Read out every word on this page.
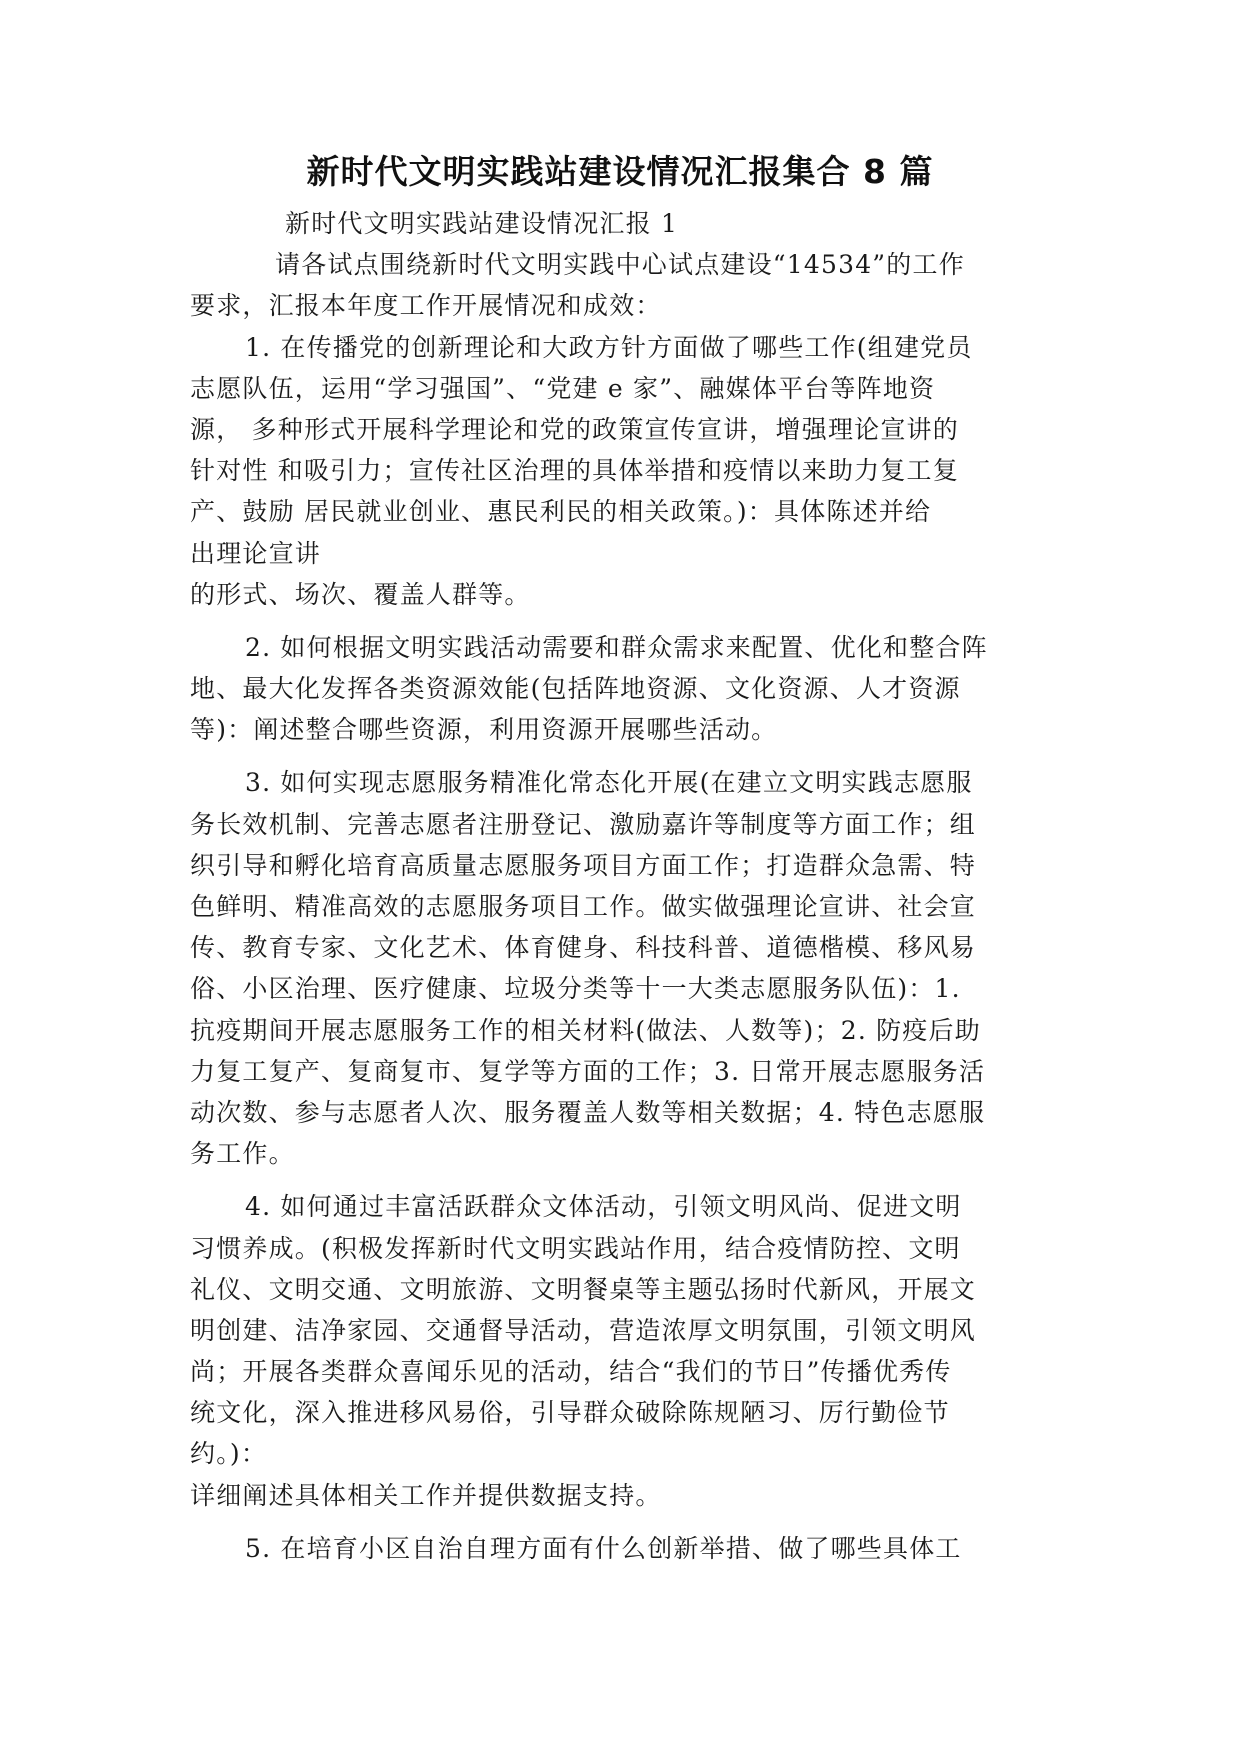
新时代文明实践站建设情况汇报集合 8 篇
新时代文明实践站建设情况汇报 1
请各试点围绕新时代文明实践中心试点建设“14534”的工作
要求，汇报本年度工作开展情况和成效：
1. 在传播党的创新理论和大政方针方面做了哪些工作(组建党员
志愿队伍，运用“学习强国”、“党建 e 家”、融媒体平台等阵地资
源， 多种形式开展科学理论和党的政策宣传宣讲，增强理论宣讲的
针对性 和吸引力；宣传社区治理的具体举措和疫情以来助力复工复
产、鼓励 居民就业创业、惠民利民的相关政策。)：具体陈述并给
出理论宣讲
的形式、场次、覆盖人群等。
2. 如何根据文明实践活动需要和群众需求来配置、优化和整合阵
地、最大化发挥各类资源效能(包括阵地资源、文化资源、人才资源
等)：阐述整合哪些资源，利用资源开展哪些活动。
3. 如何实现志愿服务精准化常态化开展(在建立文明实践志愿服
务长效机制、完善志愿者注册登记、激励嘉许等制度等方面工作；组
织引导和孵化培育高质量志愿服务项目方面工作；打造群众急需、特
色鲜明、精准高效的志愿服务项目工作。做实做强理论宣讲、社会宣
传、教育专家、文化艺术、体育健身、科技科普、道德楷模、移风易
俗、小区治理、医疗健康、垃圾分类等十一大类志愿服务队伍)：1.
抗疫期间开展志愿服务工作的相关材料(做法、人数等)；2. 防疫后助
力复工复产、复商复市、复学等方面的工作；3. 日常开展志愿服务活
动次数、参与志愿者人次、服务覆盖人数等相关数据；4. 特色志愿服
务工作。
4. 如何通过丰富活跃群众文体活动，引领文明风尚、促进文明
习惯养成。(积极发挥新时代文明实践站作用，结合疫情防控、文明
礼仪、文明交通、文明旅游、文明餐桌等主题弘扬时代新风，开展文
明创建、洁净家园、交通督导活动，营造浓厚文明氛围，引领文明风
尚；开展各类群众喜闻乐见的活动，结合“我们的节日”传播优秀传
统文化，深入推进移风易俗，引导群众破除陈规陋习、厉行勤俭节
约。)：
详细阐述具体相关工作并提供数据支持。
5. 在培育小区自治自理方面有什么创新举措、做了哪些具体工
